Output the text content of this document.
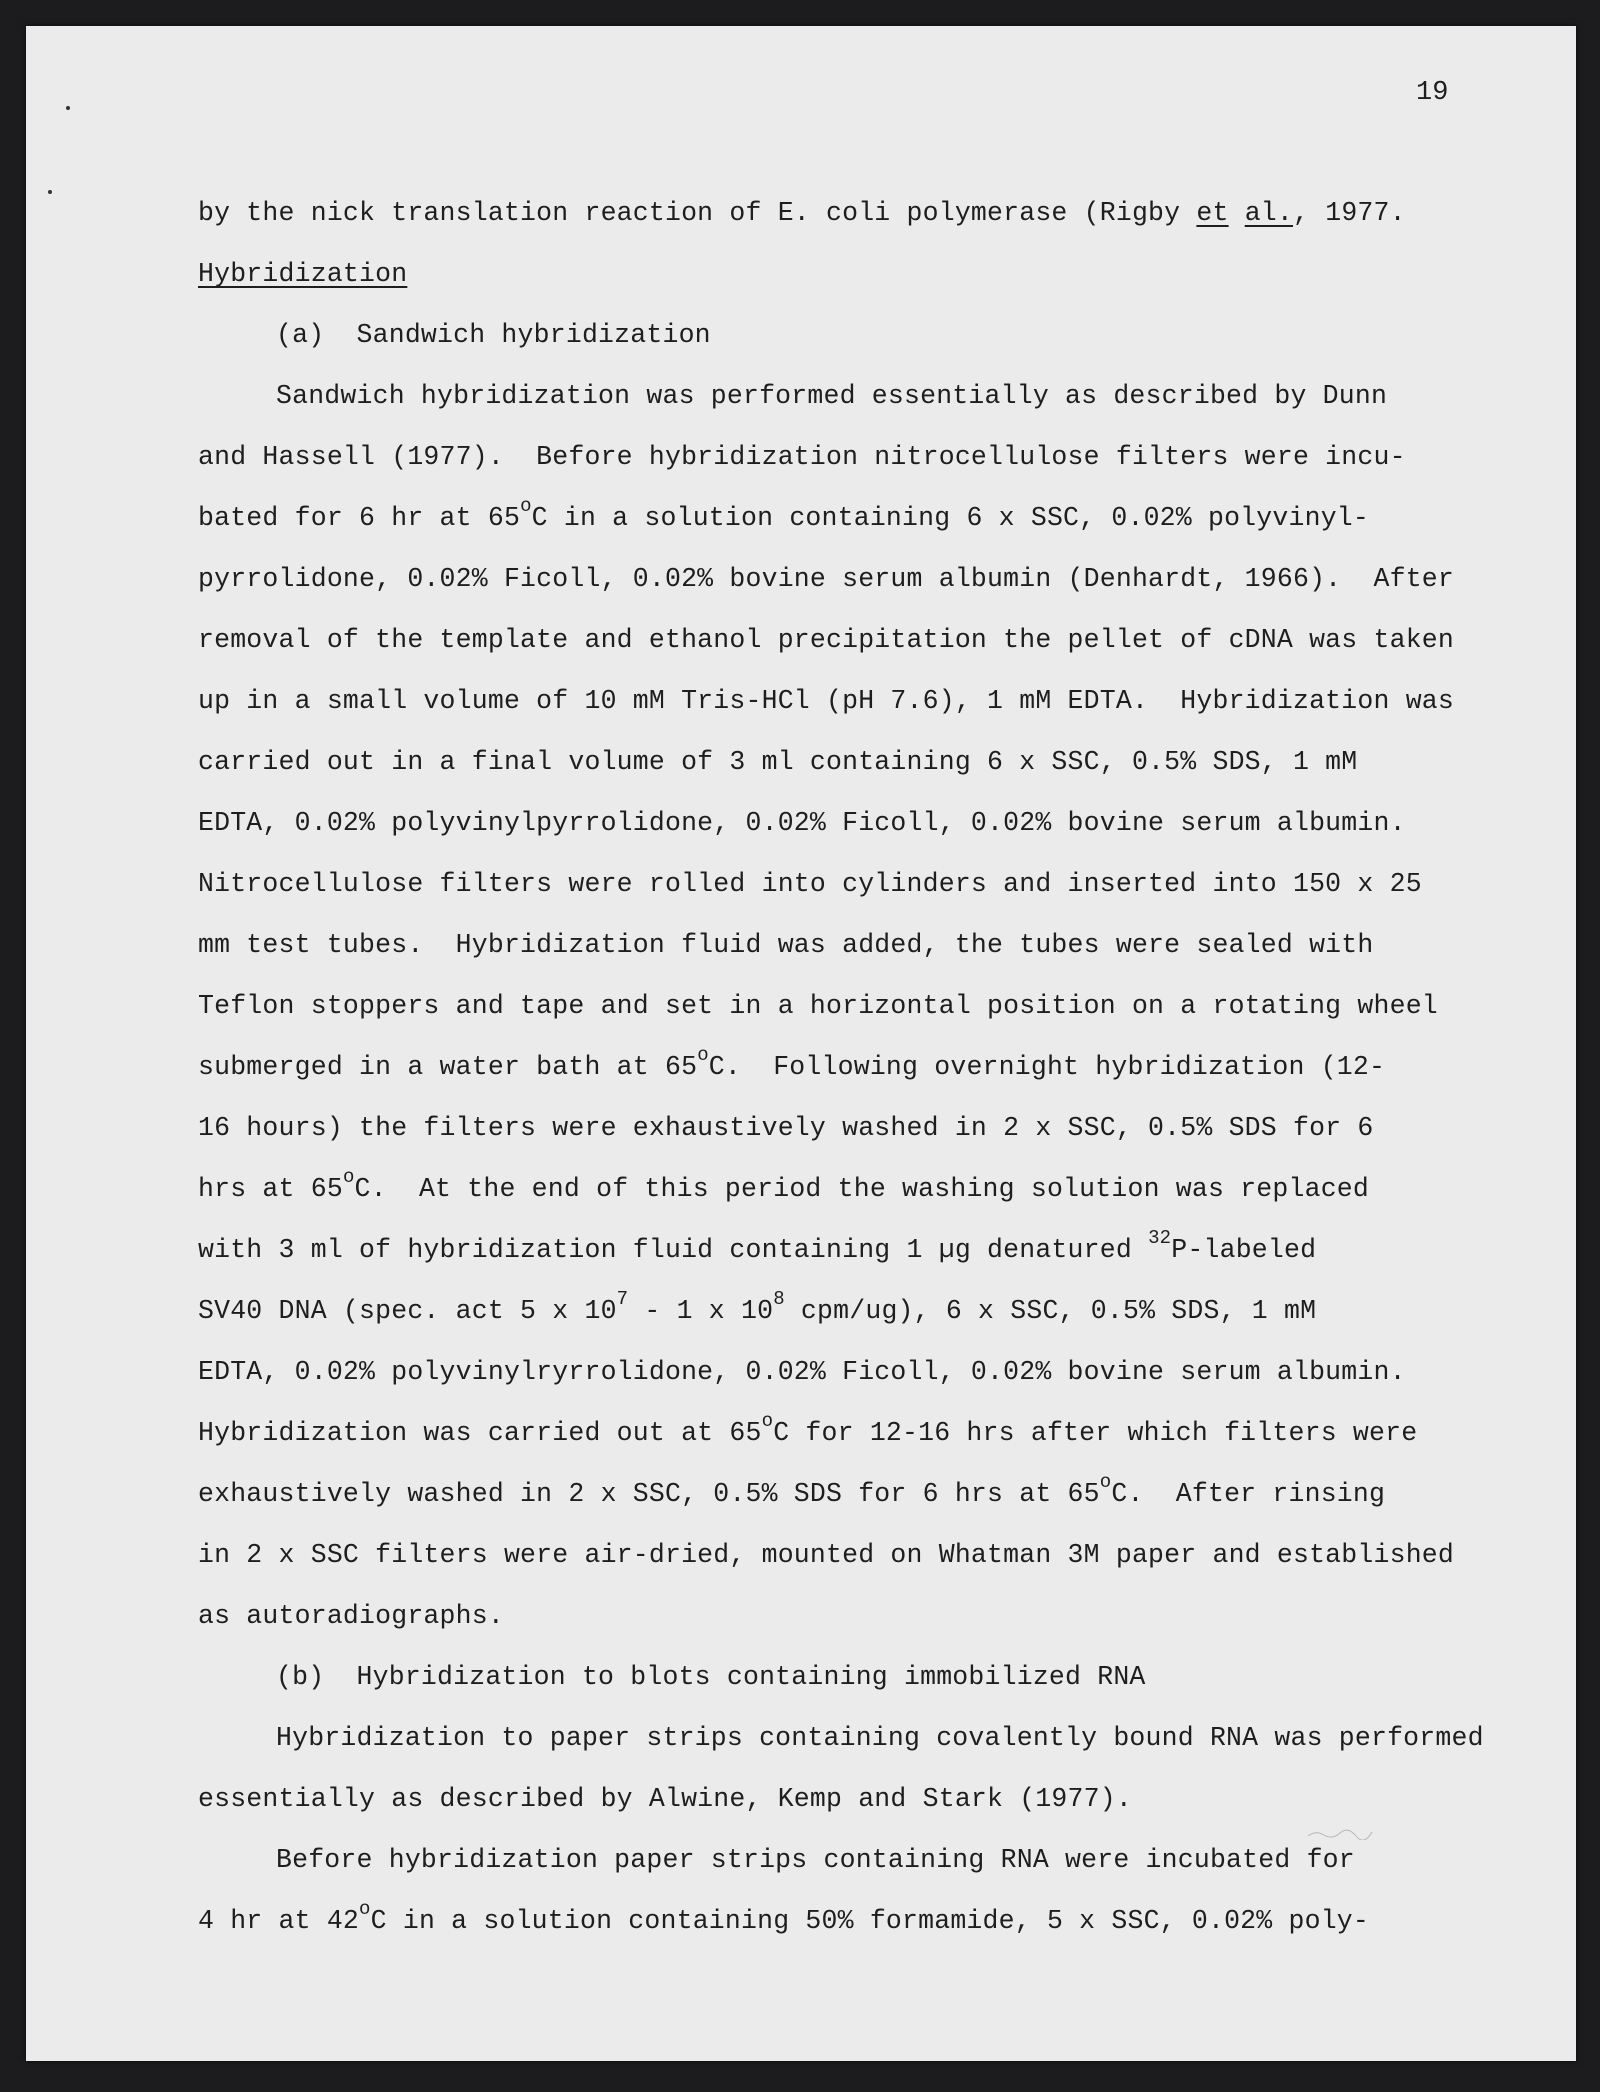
19
by the nick translation reaction of E. coli polymerase (Rigby et al., 1977.
Hybridization
(a)  Sandwich hybridization
Sandwich hybridization was performed essentially as described by Dunn
and Hassell (1977).  Before hybridization nitrocellulose filters were incu-
bated for 6 hr at 65$^o$C in a solution containing 6 x SSC, 0.02% polyvinyl-
pyrrolidone, 0.02% Ficoll, 0.02% bovine serum albumin (Denhardt, 1966).  After
removal of the template and ethanol precipitation the pellet of cDNA was taken
up in a small volume of 10 mM Tris-HCl (pH 7.6), 1 mM EDTA.  Hybridization was
carried out in a final volume of 3 ml containing 6 x SSC, 0.5% SDS, 1 mM
EDTA, 0.02% polyvinylpyrrolidone, 0.02% Ficoll, 0.02% bovine serum albumin.
Nitrocellulose filters were rolled into cylinders and inserted into 150 x 25
mm test tubes.  Hybridization fluid was added, the tubes were sealed with
Teflon stoppers and tape and set in a horizontal position on a rotating wheel
submerged in a water bath at 65$^o$C.  Following overnight hybridization (12-
16 hours) the filters were exhaustively washed in 2 x SSC, 0.5% SDS for 6
hrs at 65$^o$C.  At the end of this period the washing solution was replaced
with 3 ml of hybridization fluid containing 1 µg denatured $^{32}$P-labeled
SV40 DNA (spec. act 5 x $10^7 - 1$ x $10^8$ cpm/ug), 6 x SSC, 0.5% SDS, 1 mM
EDTA, 0.02% polyvinylryrrolidone, 0.02% Ficoll, 0.02% bovine serum albumin.
Hybridization was carried out at 65$^o$C for 12-16 hrs after which filters were
exhaustively washed in 2 x SSC, 0.5% SDS for 6 hrs at 65$^o$C.  After rinsing
in 2 x SSC filters were air-dried, mounted on Whatman 3M paper and established
as autoradiographs.
(b)  Hybridization to blots containing immobilized RNA
Hybridization to paper strips containing covalently bound RNA was performed
essentially as described by Alwine, Kemp and Stark (1977).
Before hybridization paper strips containing RNA were incubated for
4 hr at 42$^o$C in a solution containing 50% formamide, 5 x SSC, 0.02% poly-
